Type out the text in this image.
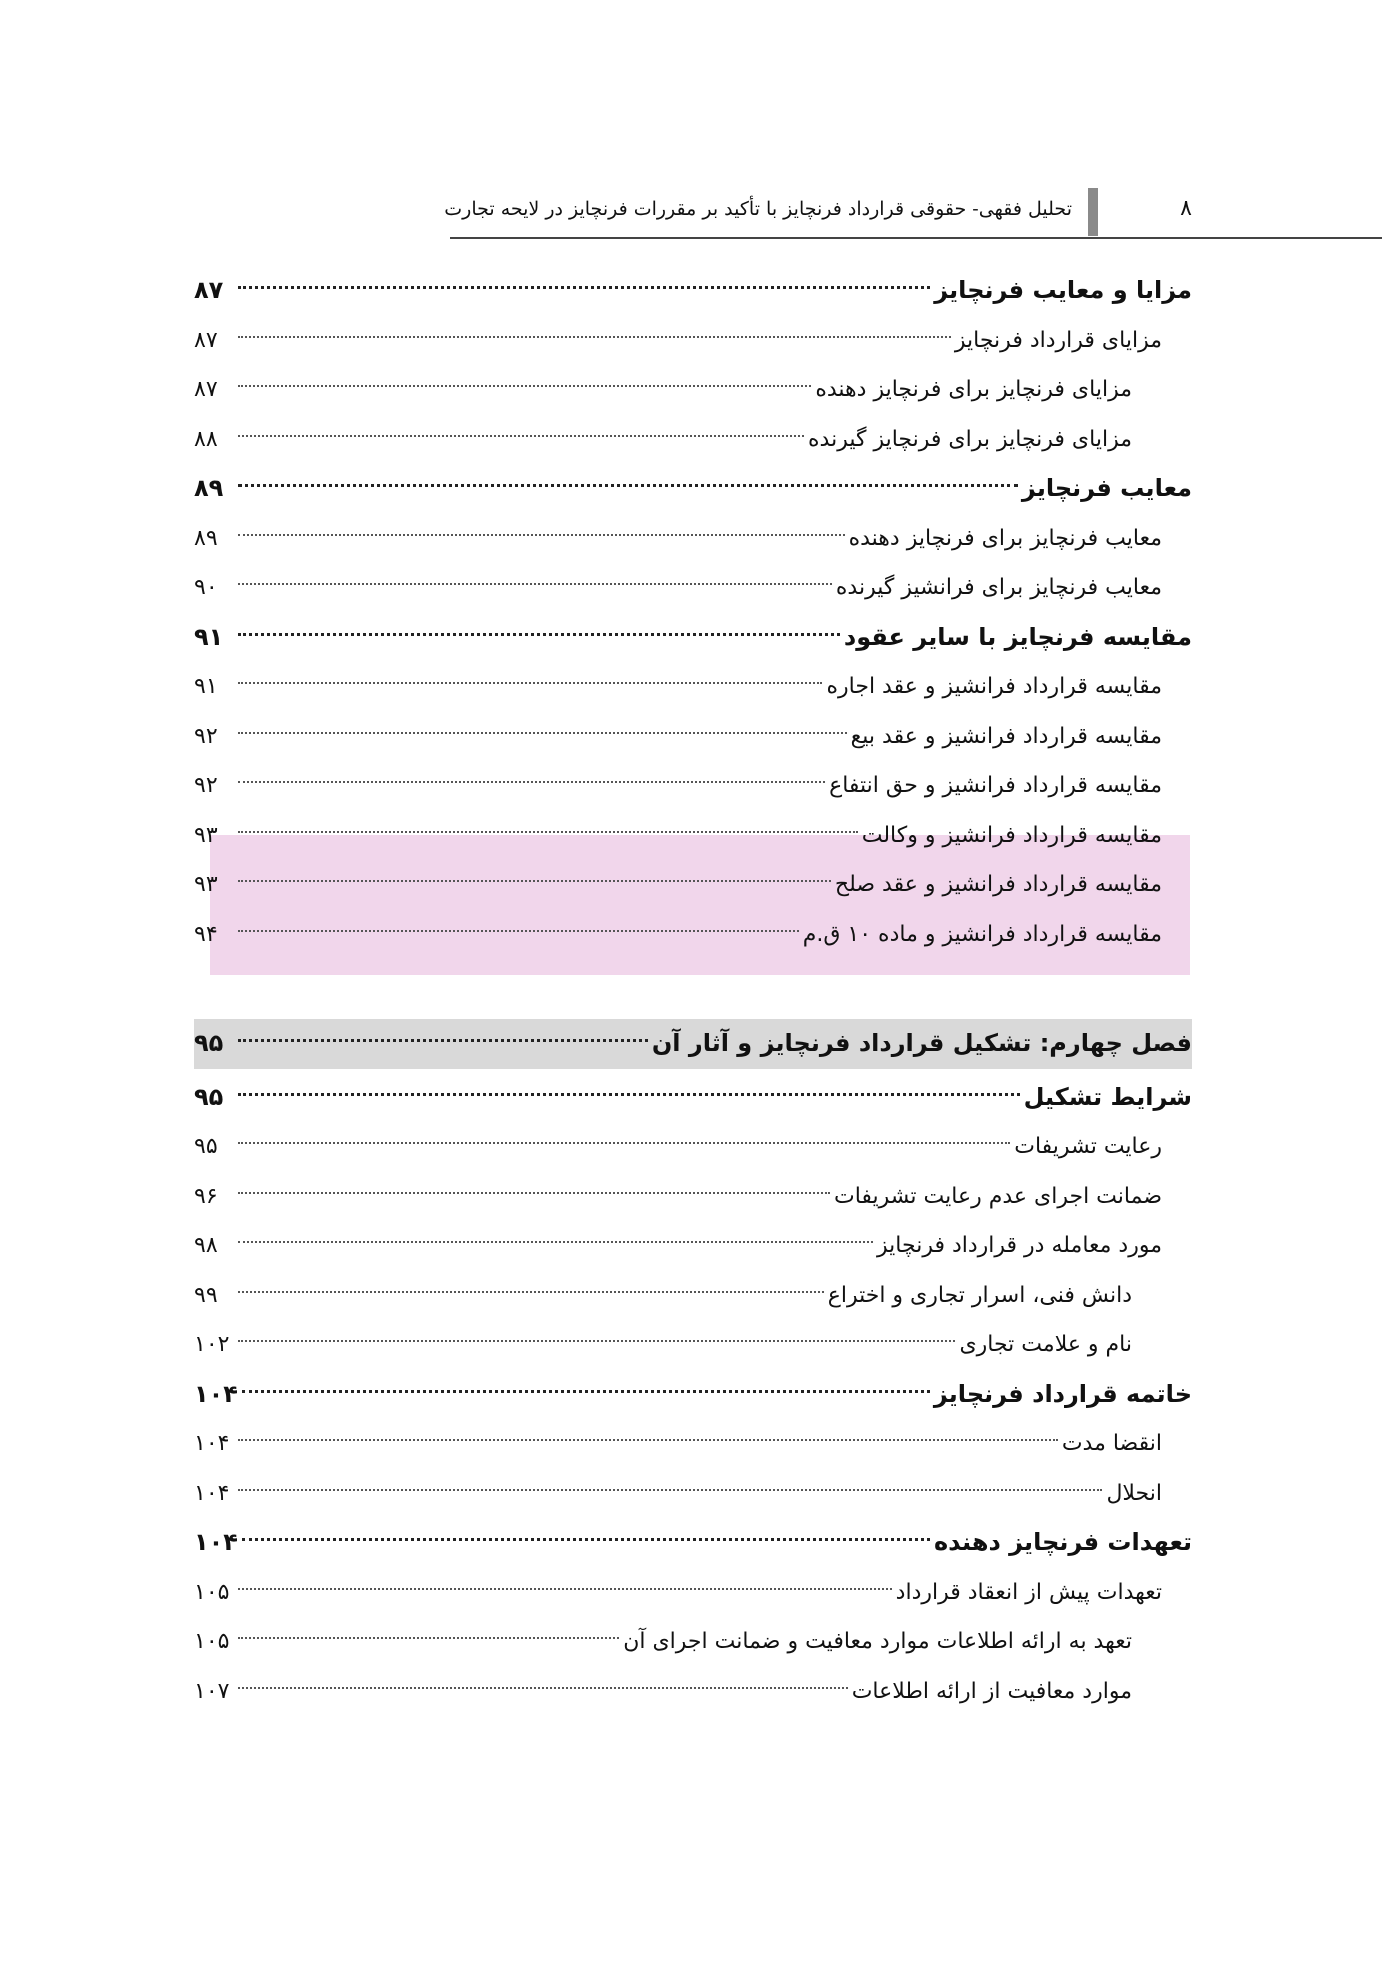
۸
تحلیل فقهی- حقوقی قرارداد فرنچایز با تأکید بر مقررات فرنچایز در لایحه تجارت
مزایا و معایب فرنچایز
۸۷
مزایای قرارداد فرنچایز
۸۷
مزایای فرنچایز برای فرنچایز دهنده
۸۷
مزایای فرنچایز برای فرنچایز گیرنده
۸۸
معایب فرنچایز
۸۹
معایب فرنچایز برای فرنچایز دهنده
۸۹
معایب فرنچایز برای فرانشیز گیرنده
۹۰
مقایسه فرنچایز با سایر عقود
۹۱
مقایسه قرارداد فرانشیز و عقد اجاره
۹۱
مقایسه قرارداد فرانشیز و عقد بیع
۹۲
مقایسه قرارداد فرانشیز و حق انتفاع
۹۲
مقایسه قرارداد فرانشیز و وکالت
۹۳
مقایسه قرارداد فرانشیز و عقد صلح
۹۳
مقایسه قرارداد فرانشیز و ماده ۱۰ ق.م
۹۴
فصل چهارم: تشکیل قرارداد فرنچایز و آثار آن
۹۵
شرایط تشکیل
۹۵
رعایت تشریفات
۹۵
ضمانت اجرای عدم رعایت تشریفات
۹۶
مورد معامله در قرارداد فرنچایز
۹۸
دانش فنی، اسرار تجاری و اختراع
۹۹
نام و علامت تجاری
۱۰۲
خاتمه قرارداد فرنچایز
۱۰۴
انقضا مدت
۱۰۴
انحلال
۱۰۴
تعهدات فرنچایز دهنده
۱۰۴
تعهدات پیش از انعقاد قرارداد
۱۰۵
تعهد به ارائه اطلاعات موارد معافیت و ضمانت اجرای آن
۱۰۵
موارد معافیت از ارائه اطلاعات
۱۰۷
